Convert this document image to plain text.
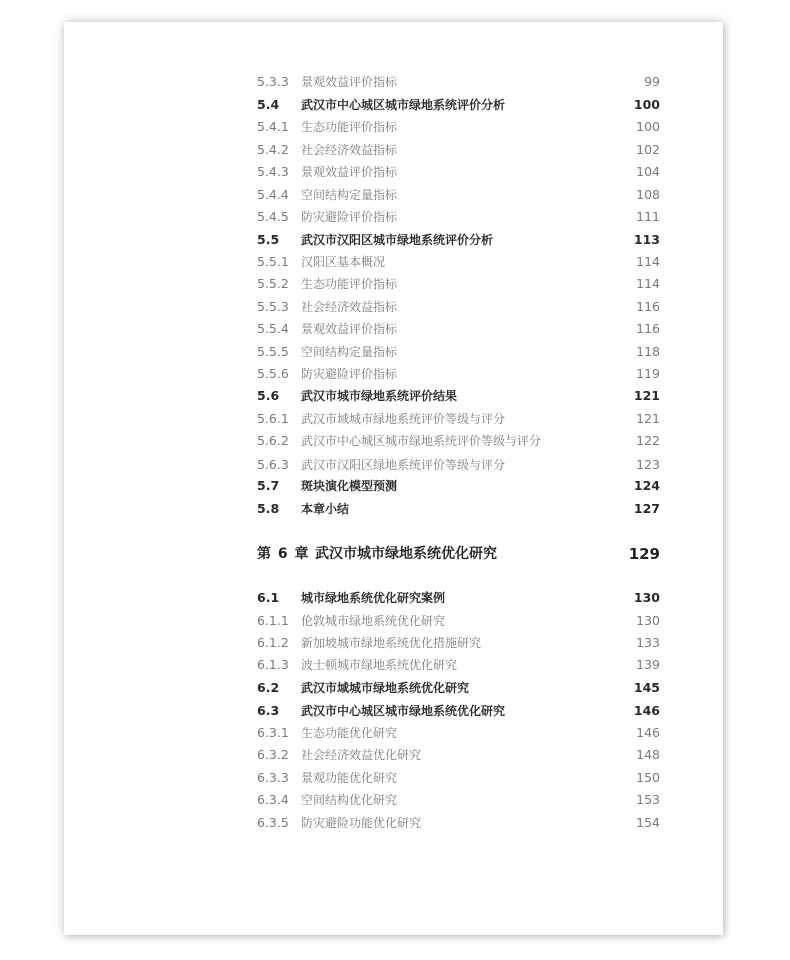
5.3.3 景观效益评价指标	99
5.4 武汉市中心城区城市绿地系统评价分析	100
5.4.1 生态功能评价指标	100
5.4.2 社会经济效益指标	102
5.4.3 景观效益评价指标	104
5.4.4 空间结构定量指标	108
5.4.5 防灾避险评价指标	111
5.5 武汉市汉阳区城市绿地系统评价分析	113
5.5.1 汉阳区基本概况	114
5.5.2 生态功能评价指标	114
5.5.3 社会经济效益指标	116
5.5.4 景观效益评价指标	116
5.5.5 空间结构定量指标	118
5.5.6 防灾避险评价指标	119
5.6 武汉市城市绿地系统评价结果	121
5.6.1 武汉市域城市绿地系统评价等级与评分	121
5.6.2 武汉市中心城区城市绿地系统评价等级与评分	122
5.6.3 武汉市汉阳区绿地系统评价等级与评分	123
5.7 斑块演化模型预测	124
5.8 本章小结	127
第 6 章 武汉市城市绿地系统优化研究	129
6.1 城市绿地系统优化研究案例	130
6.1.1 伦敦城市绿地系统优化研究	130
6.1.2 新加坡城市绿地系统优化措施研究	133
6.1.3 波士顿城市绿地系统优化研究	139
6.2 武汉市域城市绿地系统优化研究	145
6.3 武汉市中心城区城市绿地系统优化研究	146
6.3.1 生态功能优化研究	146
6.3.2 社会经济效益优化研究	148
6.3.3 景观功能优化研究	150
6.3.4 空间结构优化研究	153
6.3.5 防灾避险功能优化研究	154
